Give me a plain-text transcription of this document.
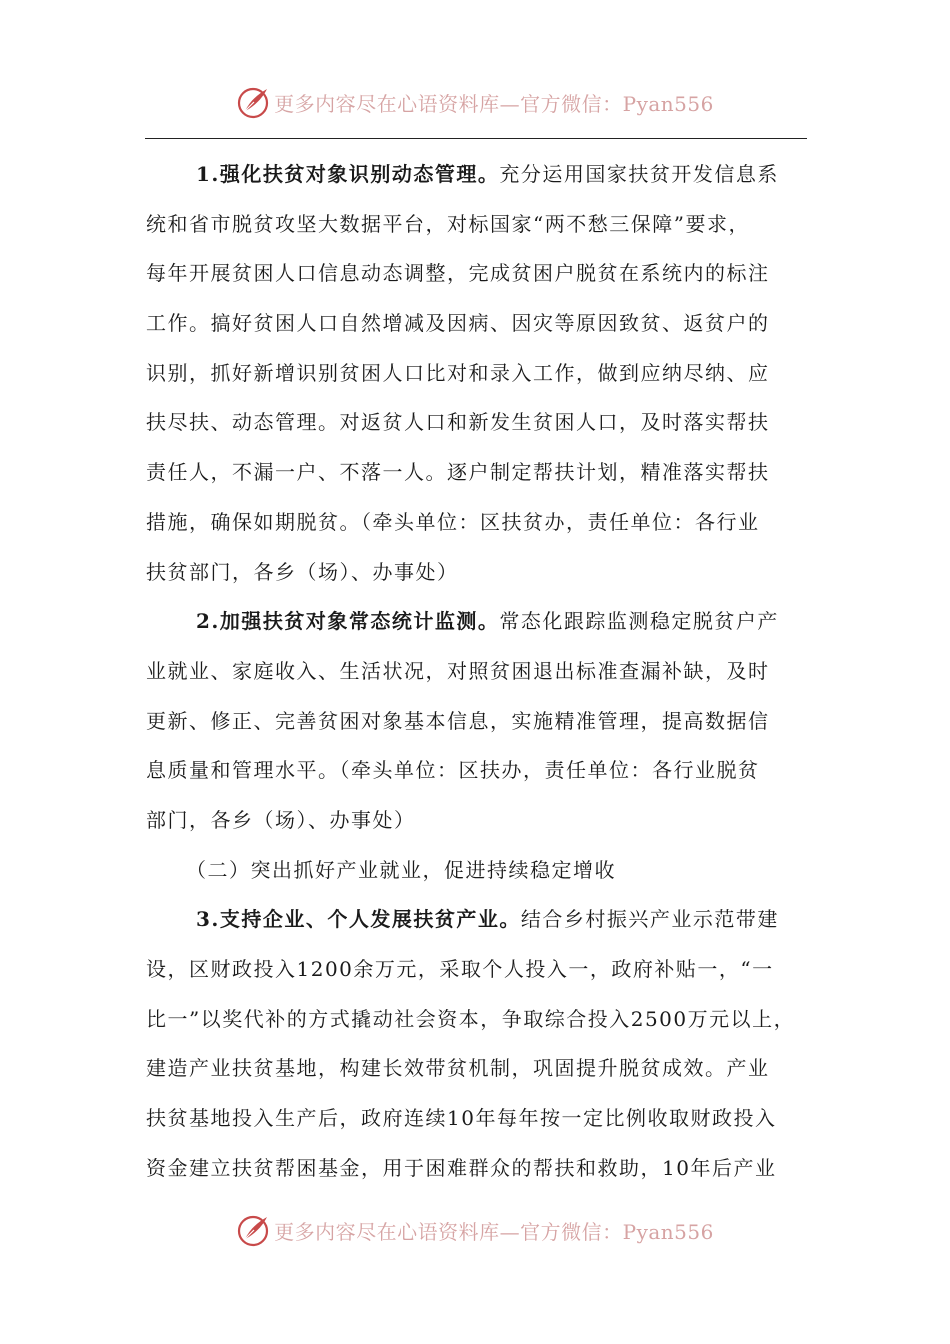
更多内容尽在心语资料库—官方微信：Pyan556
1.强化扶贫对象识别动态管理。充分运用国家扶贫开发信息系
统和省市脱贫攻坚大数据平台，对标国家“两不愁三保障”要求，
每年开展贫困人口信息动态调整，完成贫困户脱贫在系统内的标注
工作。搞好贫困人口自然增减及因病、因灾等原因致贫、返贫户的
识别，抓好新增识别贫困人口比对和录入工作，做到应纳尽纳、应
扶尽扶、动态管理。对返贫人口和新发生贫困人口，及时落实帮扶
责任人，不漏一户、不落一人。逐户制定帮扶计划，精准落实帮扶
措施，确保如期脱贫。（牵头单位：区扶贫办，责任单位：各行业
扶贫部门，各乡（场）、办事处）
2.加强扶贫对象常态统计监测。常态化跟踪监测稳定脱贫户产
业就业、家庭收入、生活状况，对照贫困退出标准查漏补缺，及时
更新、修正、完善贫困对象基本信息，实施精准管理，提高数据信
息质量和管理水平。（牵头单位：区扶办，责任单位：各行业脱贫
部门，各乡（场）、办事处）
（二）突出抓好产业就业，促进持续稳定增收
3.支持企业、个人发展扶贫产业。结合乡村振兴产业示范带建
设，区财政投入1200余万元，采取个人投入一，政府补贴一，“一
比一”以奖代补的方式撬动社会资本，争取综合投入2500万元以上，
建造产业扶贫基地，构建长效带贫机制，巩固提升脱贫成效。产业
扶贫基地投入生产后，政府连续10年每年按一定比例收取财政投入
资金建立扶贫帮困基金，用于困难群众的帮扶和救助，10年后产业
更多内容尽在心语资料库—官方微信：Pyan556
